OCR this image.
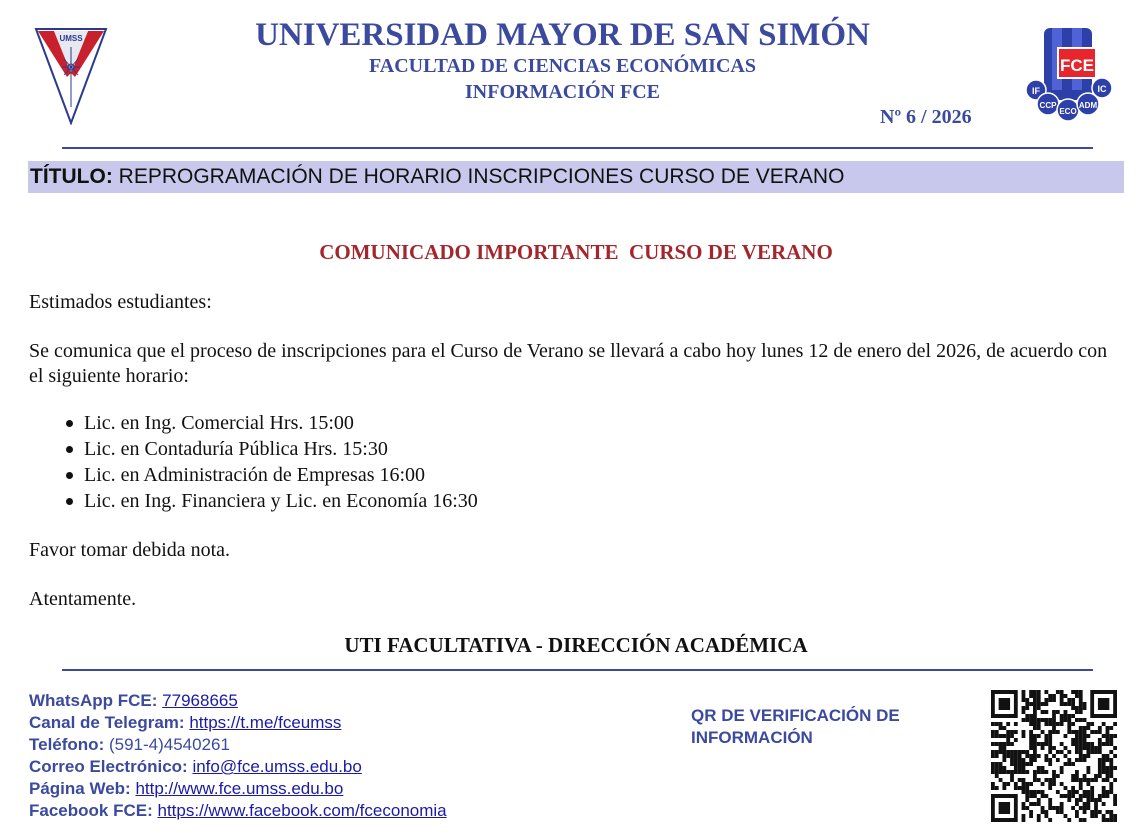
UMSS	UNIVERSIDAD MAYOR DE SAN SIMÓN
FACULTAD DE CIENCIAS ECONÓMICAS
INFORMACIÓN FCE
Nº 6 / 2026
FCE
IF
CCP
ECO
ADM
IC
TÍTULO: REPROGRAMACIÓN DE HORARIO INSCRIPCIONES CURSO DE VERANO
COMUNICADO IMPORTANTE  CURSO DE VERANO
Estimados estudiantes:
Se comunica que el proceso de inscripciones para el Curso de Verano se llevará a cabo hoy lunes 12 de enero del 2026, de acuerdo con el siguiente horario:
Lic. en Ing. Comercial Hrs. 15:00
Lic. en Contaduría Pública Hrs. 15:30
Lic. en Administración de Empresas 16:00
Lic. en Ing. Financiera y Lic. en Economía 16:30
Favor tomar debida nota.
Atentamente.
UTI FACULTATIVA - DIRECCIÓN ACADÉMICA
WhatsApp FCE: 77968665
Canal de Telegram: https://t.me/fceumss
Teléfono: (591-4)4540261
Correo Electrónico: info@fce.umss.edu.bo
Página Web: http://www.fce.umss.edu.bo
Facebook FCE: https://www.facebook.com/fceconomia
QR DE VERIFICACIÓN DE INFORMACIÓN
